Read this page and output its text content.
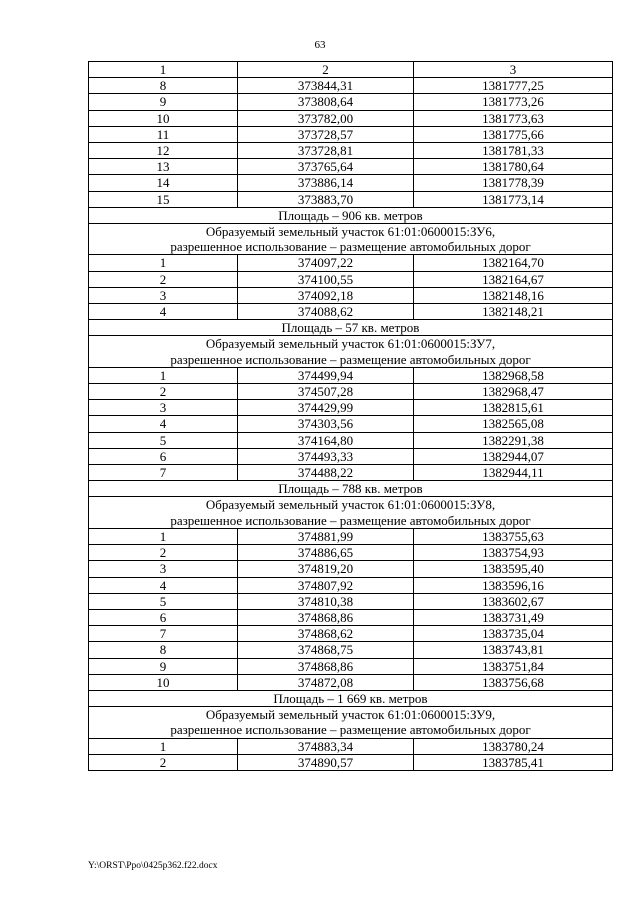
63
1	2	3
8	373844,31	1381777,25
9	373808,64	1381773,26
10	373782,00	1381773,63
11	373728,57	1381775,66
12	373728,81	1381781,33
13	373765,64	1381780,64
14	373886,14	1381778,39
15	373883,70	1381773,14
Площадь – 906 кв. метров		

Образуемый земельный участок 61:01:0600015:ЗУ6,
разрешенное использование – размещение автомобильных дорог		

1	374097,22	1382164,70
2	374100,55	1382164,67
3	374092,18	1382148,16
4	374088,62	1382148,21
Площадь – 57 кв. метров		

Образуемый земельный участок 61:01:0600015:ЗУ7,
разрешенное использование – размещение автомобильных дорог		

1	374499,94	1382968,58
2	374507,28	1382968,47
3	374429,99	1382815,61
4	374303,56	1382565,08
5	374164,80	1382291,38
6	374493,33	1382944,07
7	374488,22	1382944,11
Площадь – 788 кв. метров		

Образуемый земельный участок 61:01:0600015:ЗУ8,
разрешенное использование – размещение автомобильных дорог		

1	374881,99	1383755,63
2	374886,65	1383754,93
3	374819,20	1383595,40
4	374807,92	1383596,16
5	374810,38	1383602,67
6	374868,86	1383731,49
7	374868,62	1383735,04
8	374868,75	1383743,81
9	374868,86	1383751,84
10	374872,08	1383756,68
Площадь – 1 669 кв. метров		

Образуемый земельный участок 61:01:0600015:ЗУ9,
разрешенное использование – размещение автомобильных дорог		

1	374883,34	1383780,24
2	374890,57	1383785,41
Y:\ORST\Ppo\0425p362.f22.docx
